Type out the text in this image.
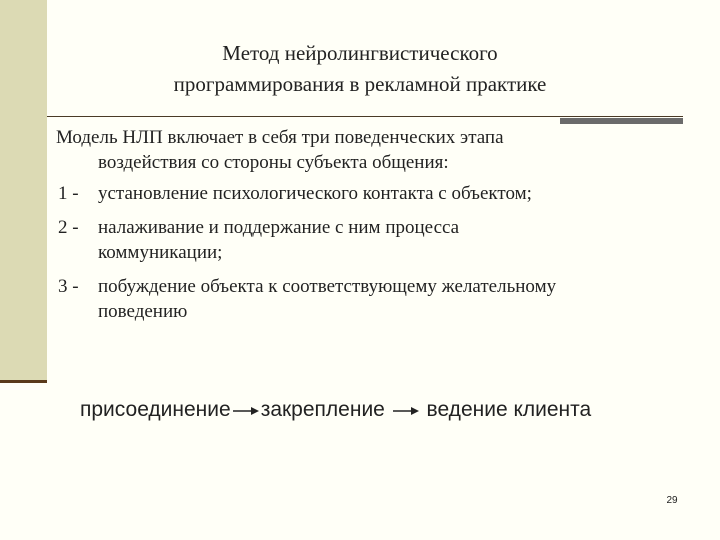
Метод нейролингвистического
программирования в рекламной практике

Модель НЛП включает в себя три поведенческих этапа
воздействия со стороны субъекта общения:

1 - установление психологического контакта с объектом;
2 - налаживание и поддержание с ним процесса
коммуникации;
3 - побуждение объекта к соответствующему желательному
поведению
присоединение закрепление ведение клиента
29
